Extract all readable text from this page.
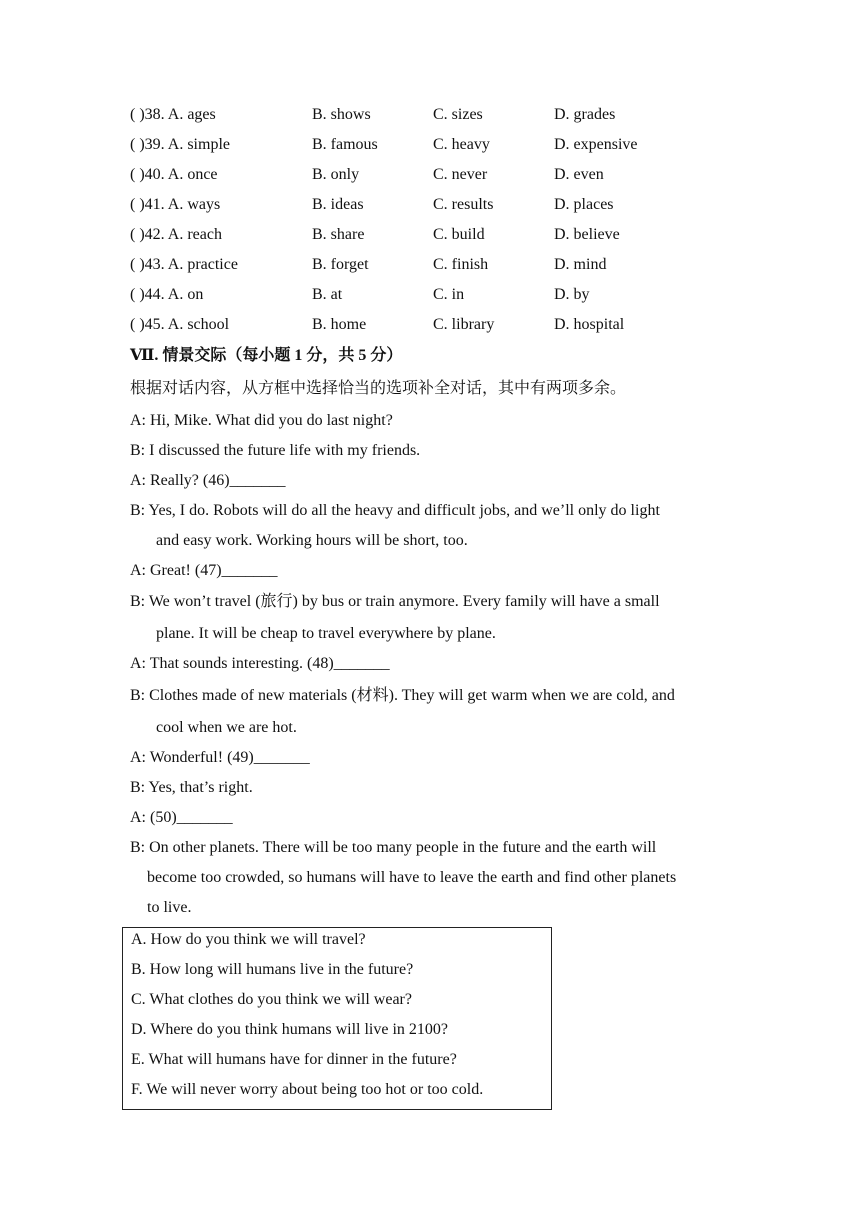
( )38. A. ages	B. shows	C. sizes	D. grades
( )39. A. simple	B. famous	C. heavy	D. expensive
( )40. A. once	B. only	C. never	D. even
( )41. A. ways	B. ideas	C. results	D. places
( )42. A. reach	B. share	C. build	D. believe
( )43. A. practice	B. forget	C. finish	D. mind
( )44. A. on	B. at	C. in	D. by
( )45. A. school	B. home	C. library	D. hospital
Ⅶ. 情景交际（每小题 1 分，共 5 分）
根据对话内容，从方框中选择恰当的选项补全对话，其中有两项多余。
A: Hi, Mike. What did you do last night?
B: I discussed the future life with my friends.
A: Really? (46)_______
B: Yes, I do. Robots will do all the heavy and difficult jobs, and we’ll only do light
and easy work. Working hours will be short, too.
A: Great! (47)_______
B: We won’t travel (旅行) by bus or train anymore. Every family will have a small
plane. It will be cheap to travel everywhere by plane.
A: That sounds interesting. (48)_______
B: Clothes made of new materials (材料). They will get warm when we are cold, and
cool when we are hot.
A: Wonderful! (49)_______
B: Yes, that’s right.
A: (50)_______
B: On other planets. There will be too many people in the future and the earth will
become too crowded, so humans will have to leave the earth and find other planets
to live.
A. How do you think we will travel?
B. How long will humans live in the future?
C. What clothes do you think we will wear?
D. Where do you think humans will live in 2100?
E. What will humans have for dinner in the future?
F. We will never worry about being too hot or too cold.
